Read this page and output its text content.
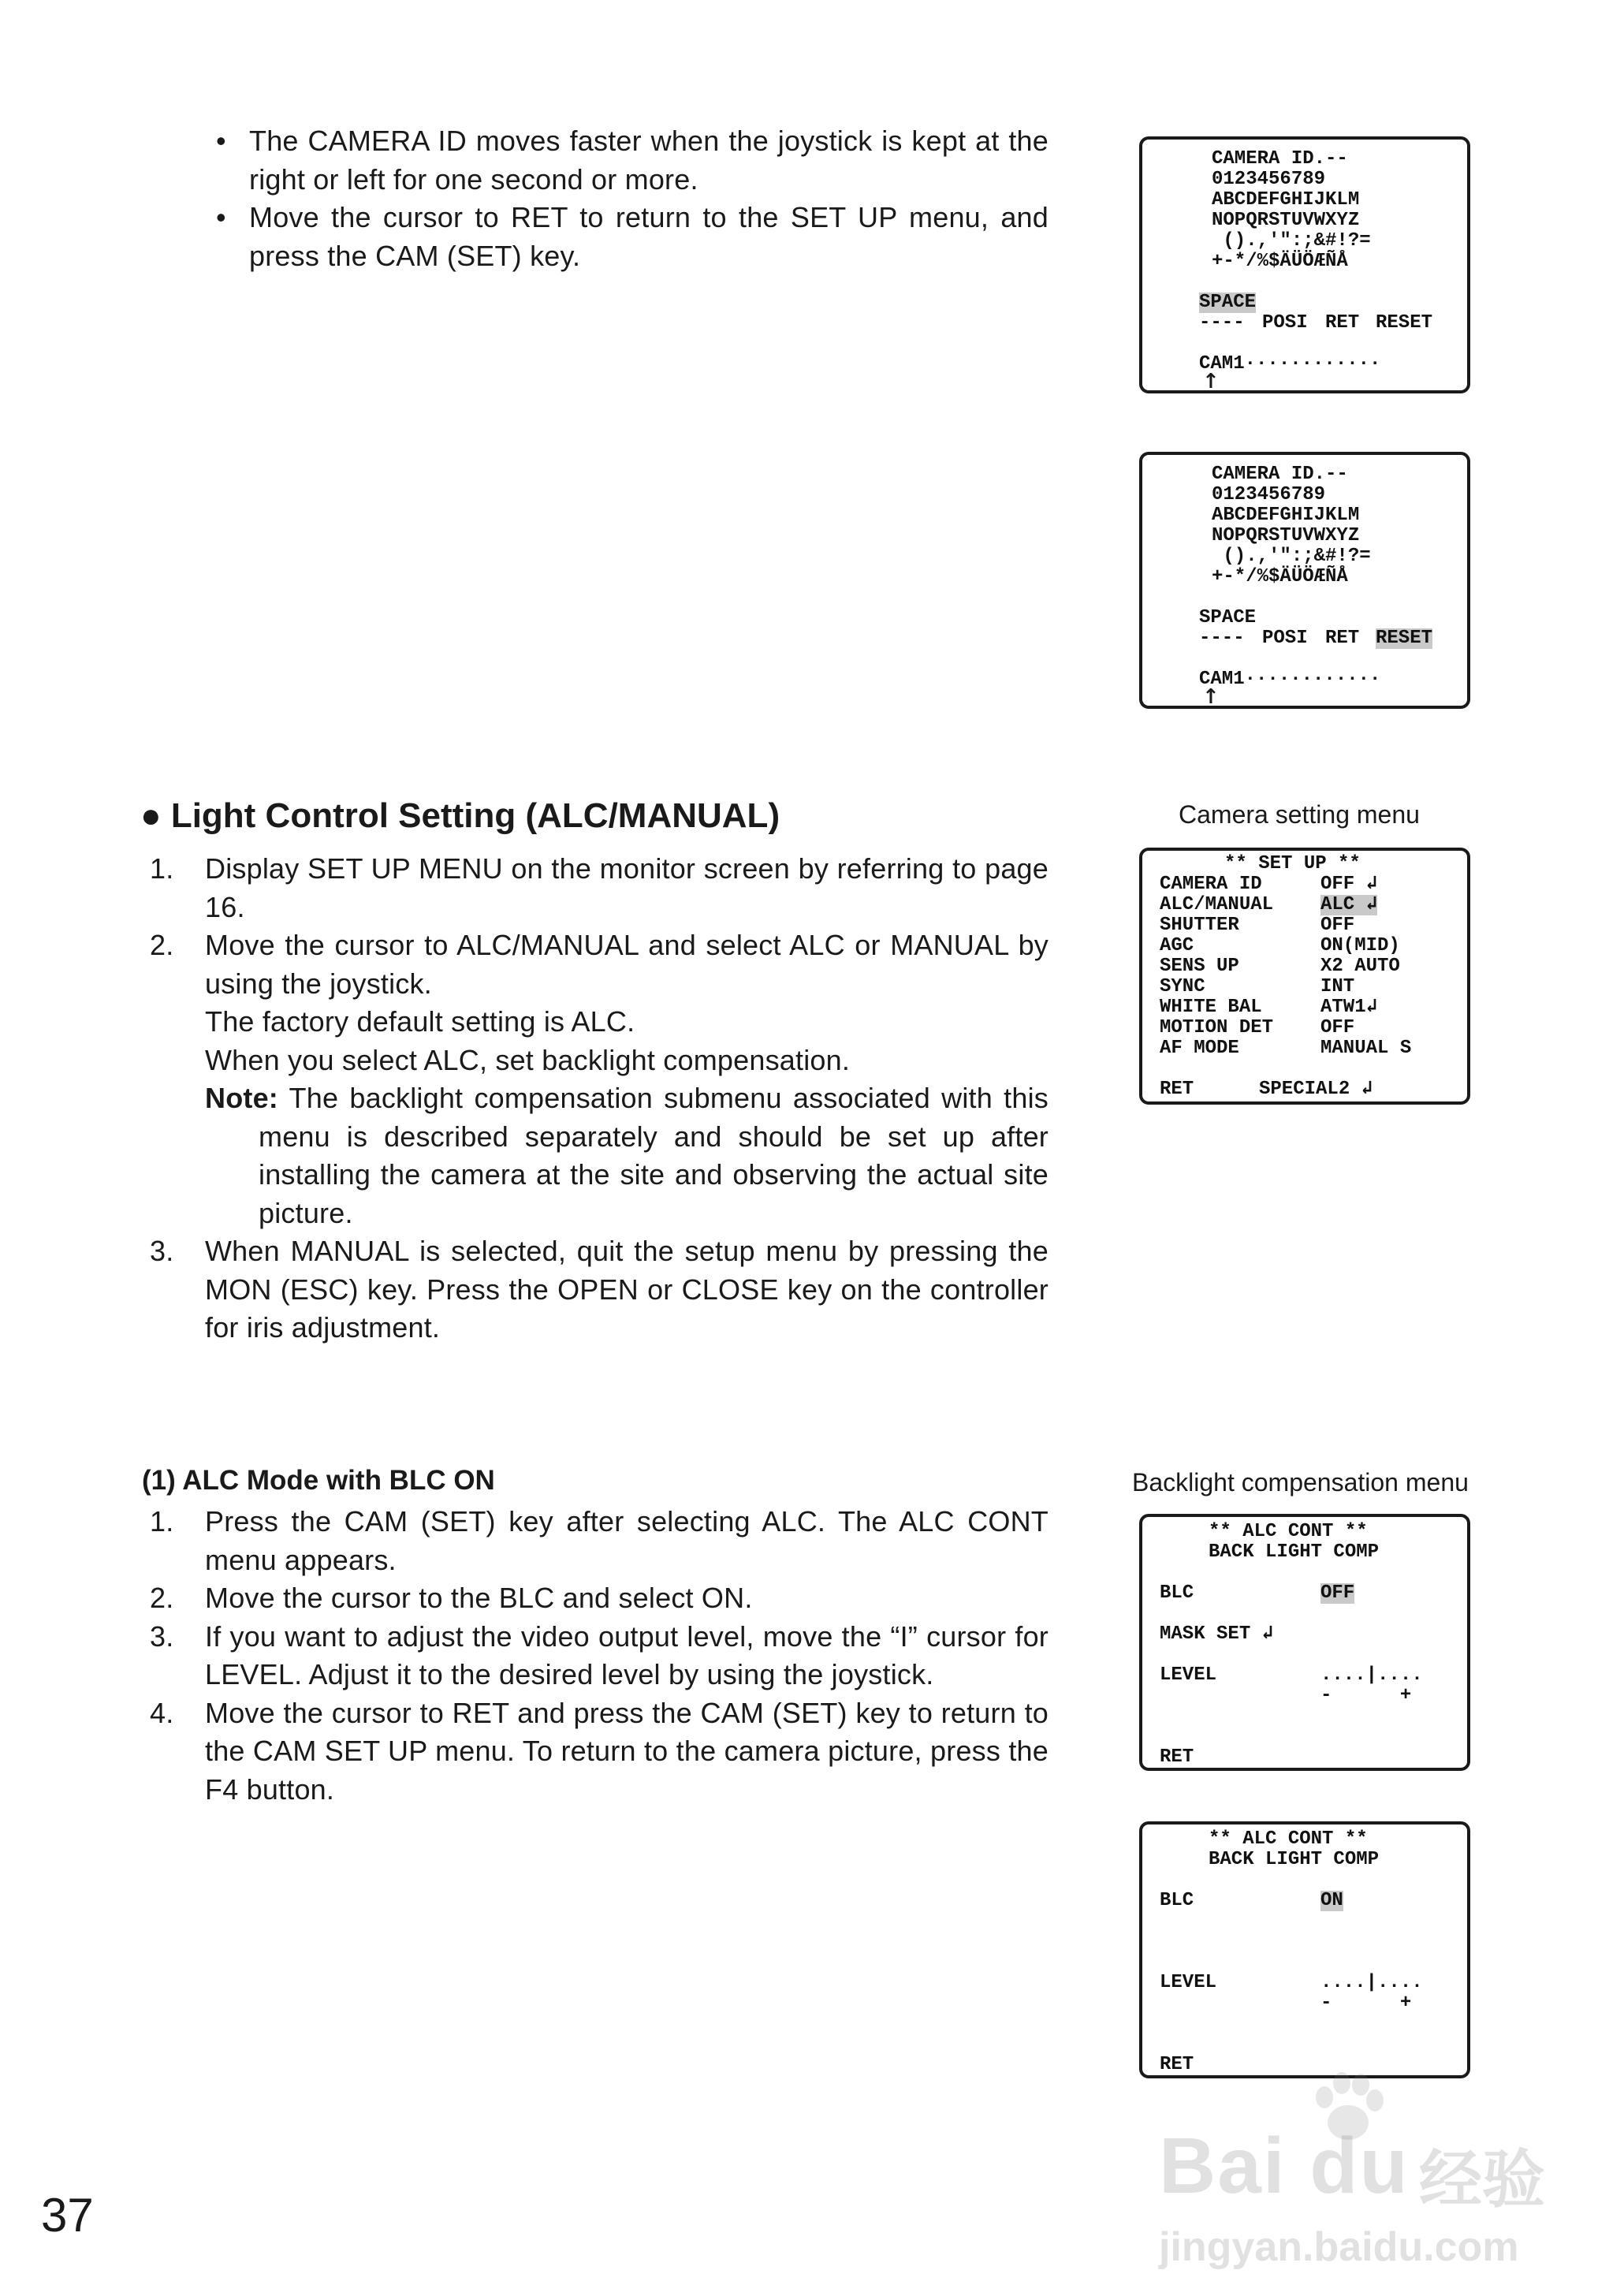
• The CAMERA ID moves faster when the joystick is kept at the right or left for one second or more.
• Move the cursor to RET to return to the SET UP menu, and press the CAM (SET) key.
CAMERA ID.--
0123456789
ABCDEFGHIJKLM
NOPQRSTUVWXYZ
().,'":;&#!?=
+-*/%$ÄÜÖÆÑÅ
SPACE
---- POSI RET RESET
CAM1············
↑
CAMERA ID.--
0123456789
ABCDEFGHIJKLM
NOPQRSTUVWXYZ
().,'":;&#!?=
+-*/%$ÄÜÖÆÑÅ
SPACE
---- POSI RET RESET
CAM1············
↑
● Light Control Setting (ALC/MANUAL)	Camera setting menu
1.	Display SET UP MENU on the monitor screen by referring to page 16.
2.	Move the cursor to ALC/MANUAL and select ALC or MANUAL by using the joystick.
The factory default setting is ALC.
When you select ALC, set backlight compensation.
Note: The backlight compensation submenu associated with this menu is described separately and should be set up after installing the camera at the site and observing the actual site picture.
3.	When MANUAL is selected, quit the setup menu by pressing the MON (ESC) key. Press the OPEN or CLOSE key on the controller for iris adjustment.
** SET UP **
CAMERA ID	OFF ↲
ALC/MANUAL ALC ↲
SHUTTER	OFF
AGC	ON(MID)
SENS UP	X2 AUTO
SYNC	INT
WHITE BAL	ATW1↲
MOTION DET OFF
AF MODE	MANUAL S
RET	SPECIAL2 ↲
(1) ALC Mode with BLC ON	Backlight compensation menu
1.	Press the CAM (SET) key after selecting ALC. The ALC CONT menu appears.
2.	Move the cursor to the BLC and select ON.
3.	If you want to adjust the video output level, move the “I” cursor for LEVEL. Adjust it to the desired level by using the joystick.
4.	Move the cursor to RET and press the CAM (SET) key to return to the CAM SET UP menu. To return to the camera picture, press the F4 button.
** ALC CONT **
BACK LIGHT COMP
BLC	OFF
MASK SET ↲
LEVEL	....|....
-      +
RET
** ALC CONT **
BACK LIGHT COMP
BLC	ON
LEVEL	....|....
-      +
RET
Bai du 经验
jingyan.baidu.com
37
